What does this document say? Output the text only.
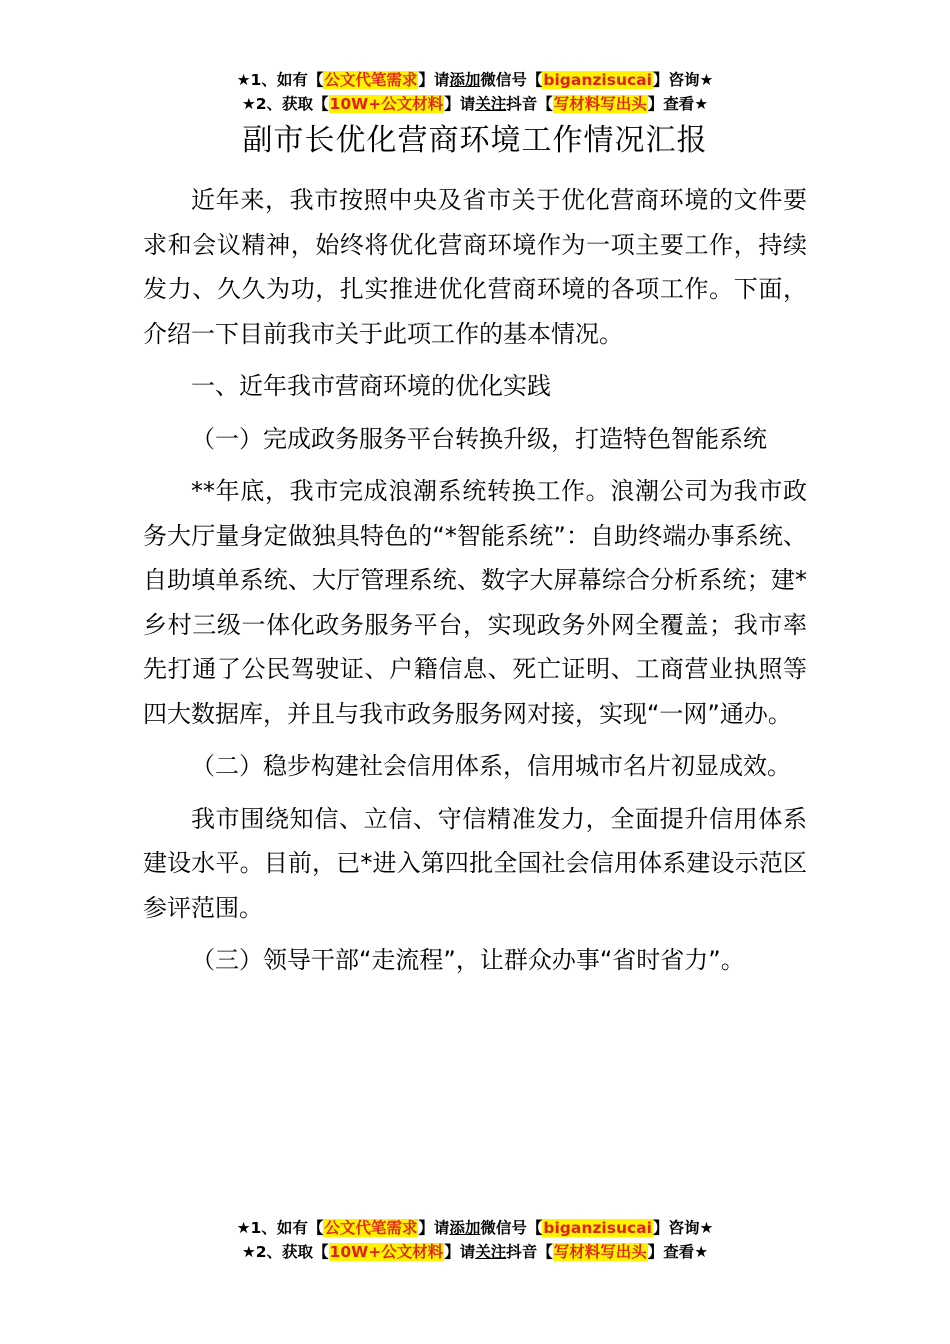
★1、如有【公文代笔需求】请添加微信号【biganzisucai】咨询★
★2、获取【10W+公文材料】请关注抖音【写材料写出头】查看★
副市长优化营商环境工作情况汇报

近年来，我市按照中央及省市关于优化营商环境的文件要求和会议精神，始终将优化营商环境作为一项主要工作，持续发力、久久为功，扎实推进优化营商环境的各项工作。下面，介绍一下目前我市关于此项工作的基本情况。

一、近年我市营商环境的优化实践

（一）完成政务服务平台转换升级，打造特色智能系统

**年底，我市完成浪潮系统转换工作。浪潮公司为我市政务大厅量身定做独具特色的“*智能系统”：自助终端办事系统、自助填单系统、大厅管理系统、数字大屏幕综合分析系统；建*乡村三级一体化政务服务平台，实现政务外网全覆盖；我市率先打通了公民驾驶证、户籍信息、死亡证明、工商营业执照等四大数据库，并且与我市政务服务网对接，实现“一网”通办。

（二）稳步构建社会信用体系，信用城市名片初显成效。

我市围绕知信、立信、守信精准发力，全面提升信用体系建设水平。目前，已*进入第四批全国社会信用体系建设示范区参评范围。

（三）领导干部“走流程”，让群众办事“省时省力”。

★1、如有【公文代笔需求】请添加微信号【biganzisucai】咨询★
★2、获取【10W+公文材料】请关注抖音【写材料写出头】查看★
